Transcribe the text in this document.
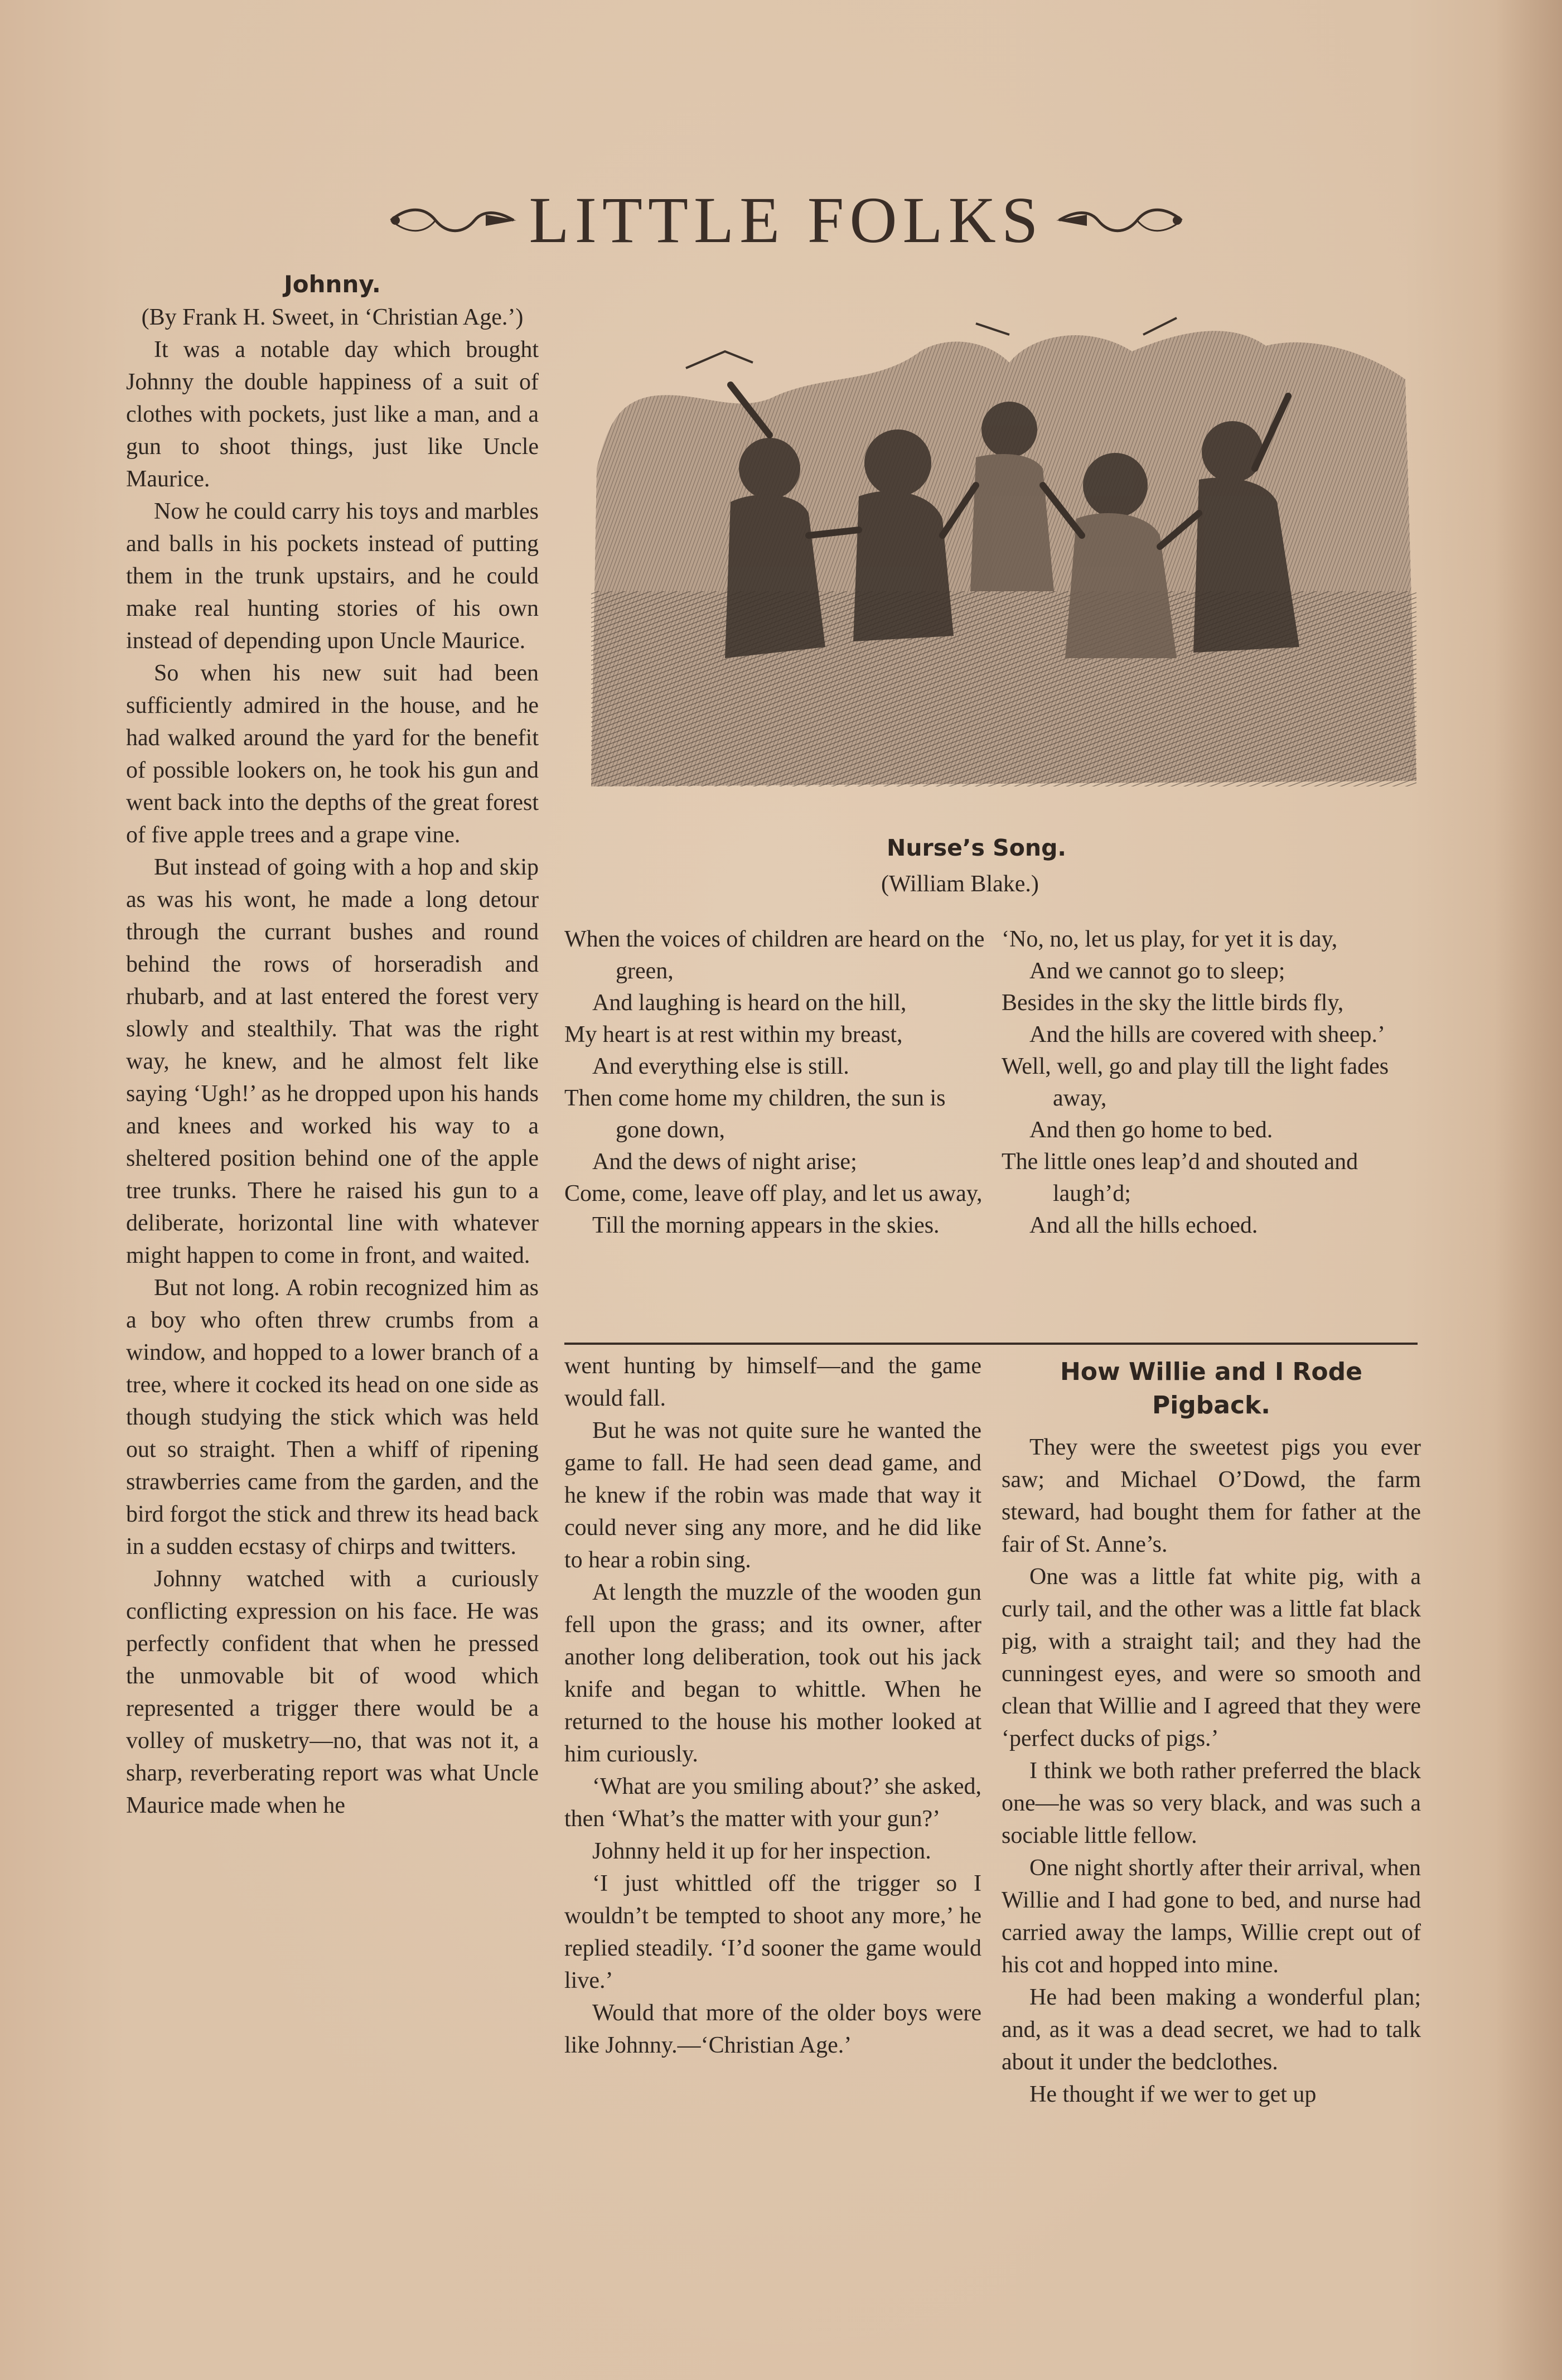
LITTLE FOLKS
Johnny.

(By Frank H. Sweet, in ‘Christian Age.’)

It was a notable day which brought Johnny the double happiness of a suit of clothes with pockets, just like a man, and a gun to shoot things, just like Uncle Maurice.

Now he could carry his toys and marbles and balls in his pockets instead of putting them in the trunk upstairs, and he could make real hunting stories of his own instead of depending upon Uncle Maurice.

So when his new suit had been sufficiently admired in the house, and he had walked around the yard for the benefit of possible lookers on, he took his gun and went back into the depths of the great forest of five apple trees and a grape vine.

But instead of going with a hop and skip as was his wont, he made a long detour through the currant bushes and round behind the rows of horseradish and rhubarb, and at last entered the forest very slowly and stealthily. That was the right way, he knew, and he almost felt like saying ‘Ugh!’ as he dropped upon his hands and knees and worked his way to a sheltered position behind one of the apple tree trunks. There he raised his gun to a deliberate, horizontal line with whatever might happen to come in front, and waited.

But not long. A robin recognized him as a boy who often threw crumbs from a window, and hopped to a lower branch of a tree, where it cocked its head on one side as though studying the stick which was held out so straight. Then a whiff of ripening strawberries came from the garden, and the bird forgot the stick and threw its head back in a sudden ecstasy of chirps and twitters.

Johnny watched with a curiously conflicting expression on his face. He was perfectly confident that when he pressed the unmovable bit of wood which represented a trigger there would be a volley of musketry—no, that was not it, a sharp, reverberating report was what Uncle Maurice made when he

Nurse’s Song.
(William Blake.)
When the voices of children are heard on the green,
And laughing is heard on the hill,
My heart is at rest within my breast,
And everything else is still.
Then come home my children, the sun is gone down,
And the dews of night arise;
Come, come, leave off play, and let us away,
Till the morning appears in the skies.
‘No, no, let us play, for yet it is day,
And we cannot go to sleep;
Besides in the sky the little birds fly,
And the hills are covered with sheep.’
Well, well, go and play till the light fades away,
And then go home to bed.
The little ones leap’d and shouted and laugh’d;
And all the hills echoed.

went hunting by himself—and the game would fall.

But he was not quite sure he wanted the game to fall. He had seen dead game, and he knew if the robin was made that way it could never sing any more, and he did like to hear a robin sing.

At length the muzzle of the wooden gun fell upon the grass; and its owner, after another long deliberation, took out his jack knife and began to whittle. When he returned to the house his mother looked at him curiously.

‘What are you smiling about?’ she asked, then ‘What’s the matter with your gun?’

Johnny held it up for her inspection.

‘I just whittled off the trigger so I wouldn’t be tempted to shoot any more,’ he replied steadily. ‘I’d sooner the game would live.’

Would that more of the older boys were like Johnny.—‘Christian Age.’

How Willie and I Rode Pigback.

They were the sweetest pigs you ever saw; and Michael O’Dowd, the farm steward, had bought them for father at the fair of St. Anne’s.

One was a little fat white pig, with a curly tail, and the other was a little fat black pig, with a straight tail; and they had the cunningest eyes, and were so smooth and clean that Willie and I agreed that they were ‘perfect ducks of pigs.’

I think we both rather preferred the black one—he was so very black, and was such a sociable little fellow.

One night shortly after their arrival, when Willie and I had gone to bed, and nurse had carried away the lamps, Willie crept out of his cot and hopped into mine.

He had been making a wonderful plan; and, as it was a dead secret, we had to talk about it under the bedclothes.

He thought if we wer to get up
